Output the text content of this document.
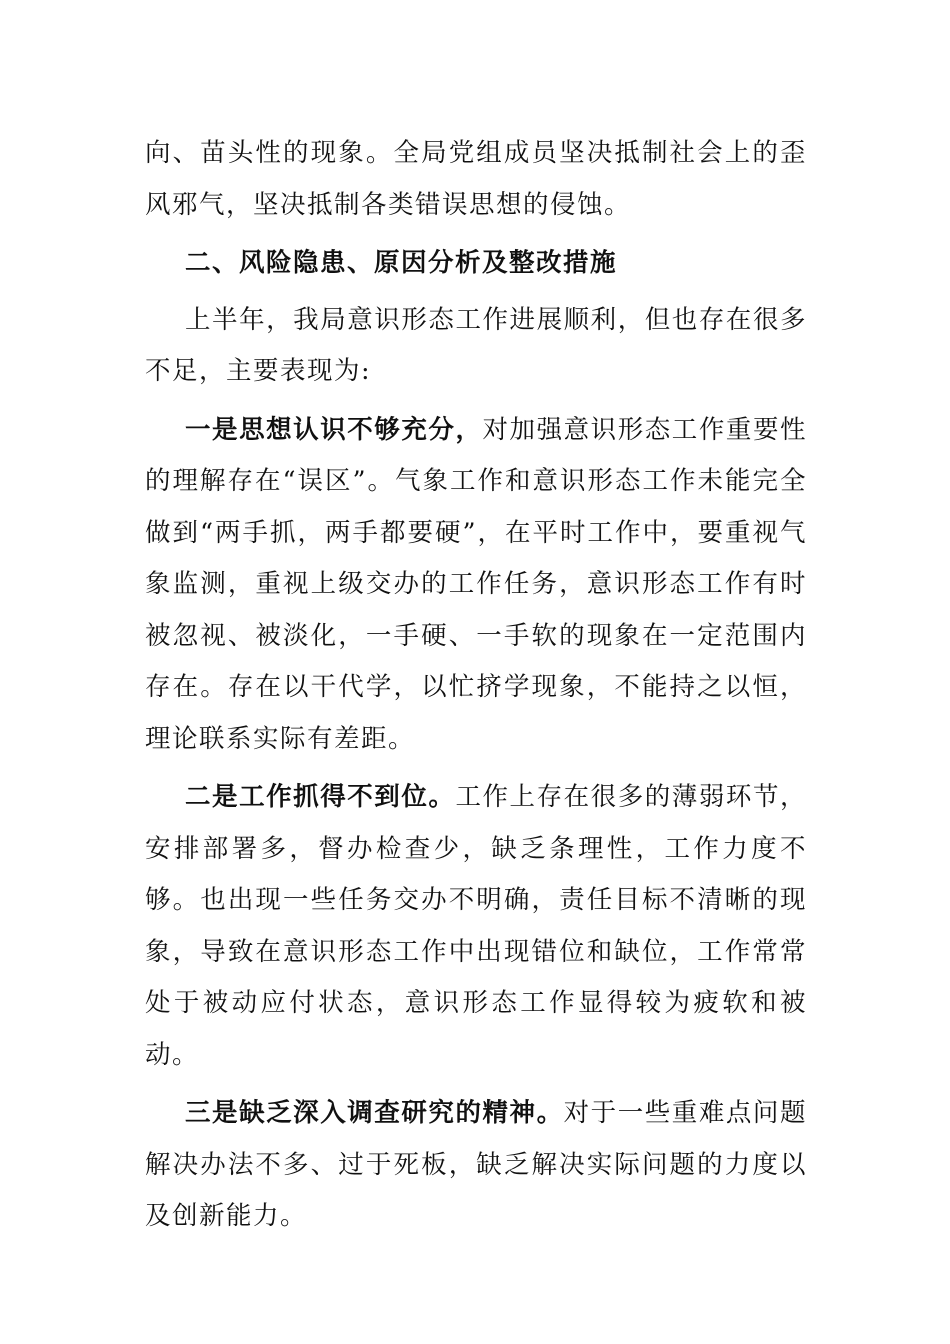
向、苗头性的现象。全局党组成员坚决抵制社会上的歪风邪气，坚决抵制各类错误思想的侵蚀。

二、风险隐患、原因分析及整改措施

上半年，我局意识形态工作进展顺利，但也存在很多不足，主要表现为:

一是思想认识不够充分，对加强意识形态工作重要性的理解存在“误区”。气象工作和意识形态工作未能完全做到“两手抓，两手都要硬”，在平时工作中，要重视气象监测，重视上级交办的工作任务，意识形态工作有时被忽视、被淡化，一手硬、一手软的现象在一定范围内存在。存在以干代学，以忙挤学现象，不能持之以恒，理论联系实际有差距。

二是工作抓得不到位。工作上存在很多的薄弱环节，安排部署多，督办检查少，缺乏条理性，工作力度不够。也出现一些任务交办不明确，责任目标不清晰的现象，导致在意识形态工作中出现错位和缺位，工作常常处于被动应付状态，意识形态工作显得较为疲软和被动。

三是缺乏深入调查研究的精神。对于一些重难点问题解决办法不多、过于死板，缺乏解决实际问题的力度以及创新能力。
